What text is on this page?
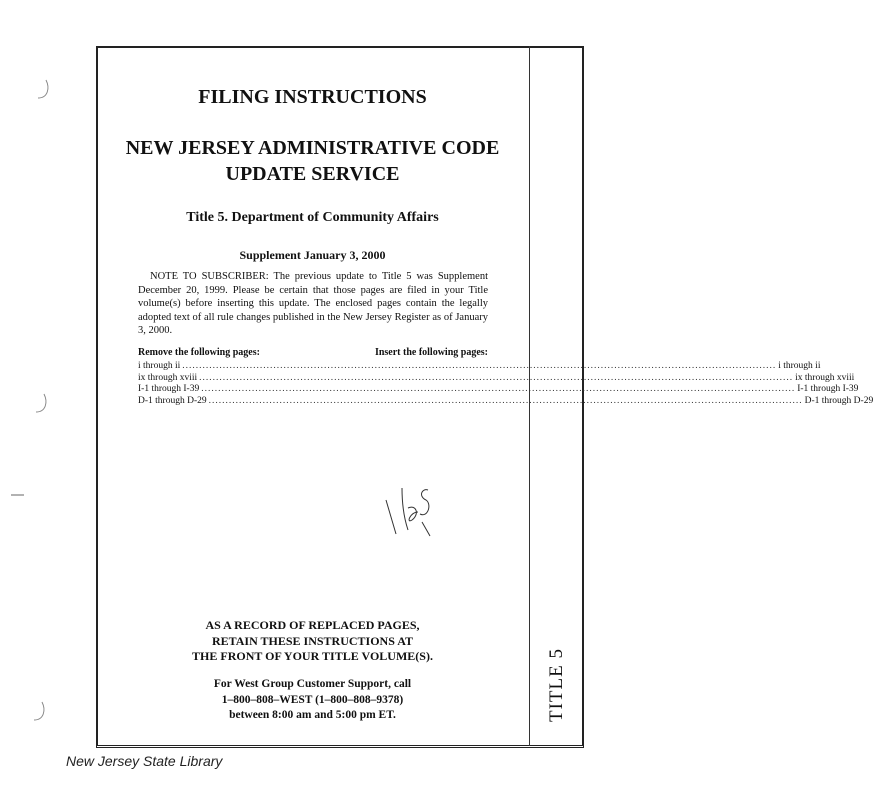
TITLE 5
FILING INSTRUCTIONS
NEW JERSEY ADMINISTRATIVE CODE
UPDATE SERVICE
Title 5. Department of Community Affairs
Supplement January 3, 2000

NOTE TO SUBSCRIBER: The previous update to Title 5 was Supplement December 20, 1999. Please be certain that those pages are filed in your Title volume(s) before inserting this update. The enclosed pages contain the legally adopted text of all rule changes published in the New Jersey Register as of January 3, 2000.

Remove the following pages:	Insert the following pages:
i through ii ................................................................................................................................................................................ i through ii
ix through xviii ................................................................................................................................................................................ ix through xviii
I-1 through I-39 ................................................................................................................................................................................ I-1 through I-39
D-1 through D-29 ................................................................................................................................................................................ D-1 through D-29
AS A RECORD OF REPLACED PAGES,
RETAIN THESE INSTRUCTIONS AT
THE FRONT OF YOUR TITLE VOLUME(S).
For West Group Customer Support, call
1–800–808–WEST (1–800–808–9378)
between 8:00 am and 5:00 pm ET.
New Jersey State Library
